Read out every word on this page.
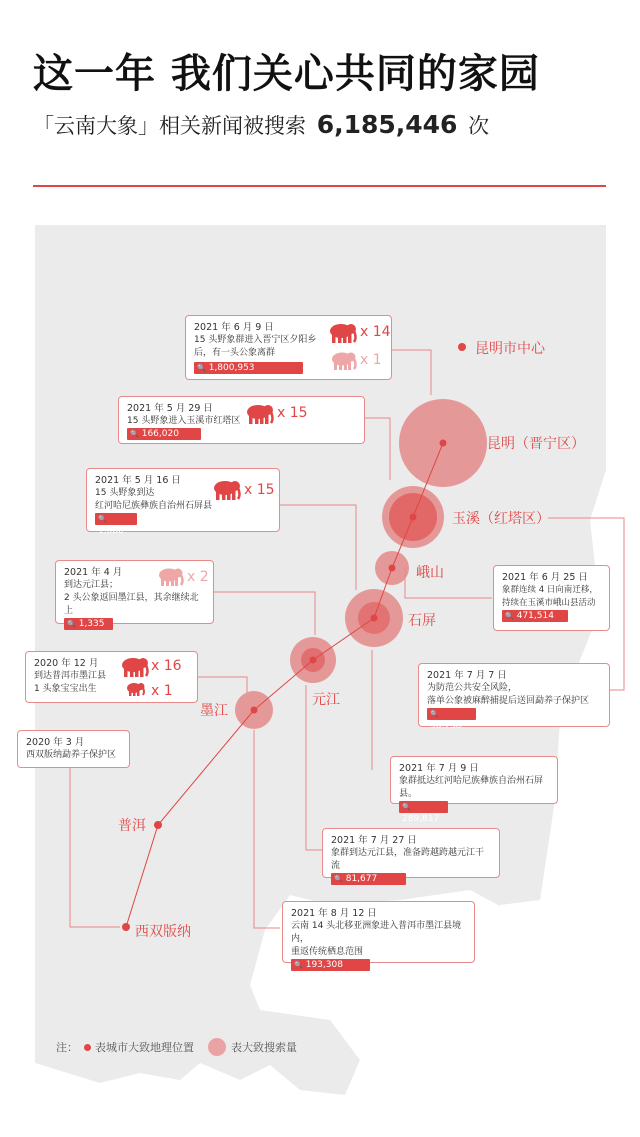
这一年 我们关心共同的家园
「云南大象」相关新闻被搜索 6,185,446 次
昆明市中心
昆明（晋宁区）
玉溪（红塔区）
峨山
石屏
元江
墨江
普洱
西双版纳
2021 年 6 月 9 日
15 头野象群进入晋宁区夕阳乡后，有一头公象离群
🔍 1,800,953
x 14
x 1
2021 年 5 月 29 日
15 头野象进入玉溪市红塔区
🔍 166,020
x 15
2021 年 5 月 16 日
15 头野象到达
红河哈尼族彝族自治州石屏县
🔍1,080
x 15
2021 年 4 月
到达元江县；
2 头公象返回墨江县，其余继续北上
🔍 1,335
x 2
2020 年 12 月
到达普洱市墨江县
1 头象宝宝出生
x 16
x 1
2020 年 3 月
西双版纳勐养子保护区
2021 年 6 月 25 日
象群连续 4 日向南迁移，
持续在玉溪市峨山县活动
🔍 471,514
2021 年 7 月 7 日
为防范公共安全风险，
落单公象被麻醉捕捉后送回勐养子保护区
🔍90,738
2021 年 7 月 9 日
象群抵达红河哈尼族彝族自治州石屏县。
🔍289,817
2021 年 7 月 27 日
象群到达元江县，准备跨越跨越元江干流
🔍 81,677
2021 年 8 月 12 日
云南 14 头北移亚洲象进入普洱市墨江县境内，
重返传统栖息范围
🔍 193,308
注： 表城市大致地理位置	表大致搜索量
